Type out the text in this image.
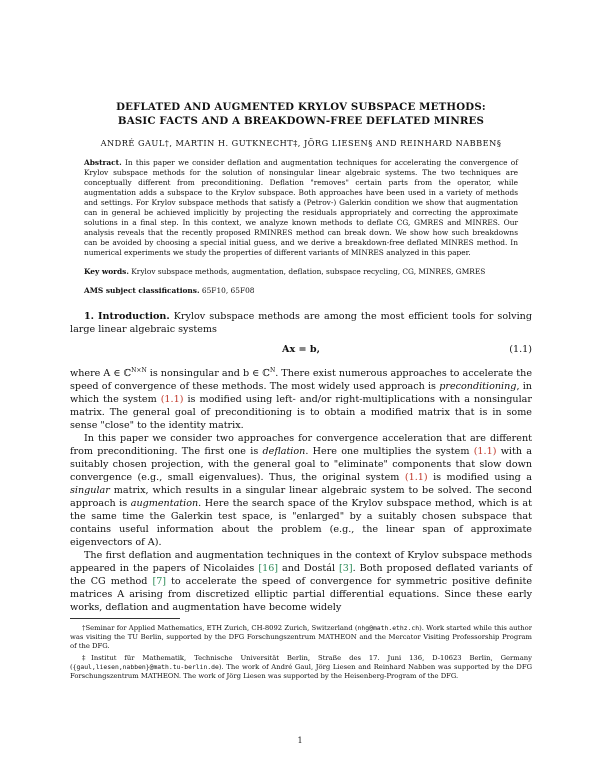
DEFLATED AND AUGMENTED KRYLOV SUBSPACE METHODS:
BASIC FACTS AND A BREAKDOWN-FREE DEFLATED MINRES

ANDRÉ GAUL†, MARTIN H. GUTKNECHT‡, JÖRG LIESEN§ AND REINHARD NABBEN§
Abstract. In this paper we consider deflation and augmentation techniques for accelerating the convergence of Krylov subspace methods for the solution of nonsingular linear algebraic systems. The two techniques are conceptually different from preconditioning. Deflation "removes" certain parts from the operator, while augmentation adds a subspace to the Krylov subspace. Both approaches have been used in a variety of methods and settings. For Krylov subspace methods that satisfy a (Petrov-) Galerkin condition we show that augmentation can in general be achieved implicitly by projecting the residuals appropriately and correcting the approximate solutions in a final step. In this context, we analyze known methods to deflate CG, GMRES and MINRES. Our analysis reveals that the recently proposed RMINRES method can break down. We show how such breakdowns can be avoided by choosing a special initial guess, and we derive a breakdown-free deflated MINRES method. In numerical experiments we study the properties of different variants of MINRES analyzed in this paper.
Key words. Krylov subspace methods, augmentation, deflation, subspace recycling, CG, MINRES, GMRES
AMS subject classifications. 65F10, 65F08

1. Introduction. Krylov subspace methods are among the most efficient tools for solving large linear algebraic systems

Ax = b,	(1.1)

where A ∈ ℂ$^{N\times N}$ is nonsingular and b ∈ ℂ$^N$. There exist numerous approaches to accelerate the speed of convergence of these methods. The most widely used approach is preconditioning, in which the system (1.1) is modified using left- and/or right-multiplications with a nonsingular matrix. The general goal of preconditioning is to obtain a modified matrix that is in some sense "close" to the identity matrix.

In this paper we consider two approaches for convergence acceleration that are different from preconditioning. The first one is deflation. Here one multiplies the system (1.1) with a suitably chosen projection, with the general goal to "eliminate" components that slow down convergence (e.g., small eigenvalues). Thus, the original system (1.1) is modified using a singular matrix, which results in a singular linear algebraic system to be solved. The second approach is augmentation. Here the search space of the Krylov subspace method, which is at the same time the Galerkin test space, is "enlarged" by a suitably chosen subspace that contains useful information about the problem (e.g., the linear span of approximate eigenvectors of A).

The first deflation and augmentation techniques in the context of Krylov subspace methods appeared in the papers of Nicolaides [16] and Dostál [3]. Both proposed deflated variants of the CG method [7] to accelerate the speed of convergence for symmetric positive definite matrices A arising from discretized elliptic partial differential equations. Since these early works, deflation and augmentation have become widely

†Seminar for Applied Mathematics, ETH Zurich, CH-8092 Zurich, Switzerland (nhg@math.ethz.ch). Work started while this author was visiting the TU Berlin, supported by the DFG Forschungszentrum MATHEON and the Mercator Visiting Professorship Program of the DFG.

‡Institut für Mathematik, Technische Universität Berlin, Straße des 17. Juni 136, D-10623 Berlin, Germany ({gaul,liesen,nabben}@math.tu-berlin.de). The work of André Gaul, Jörg Liesen and Reinhard Nabben was supported by the DFG Forschungszentrum MATHEON. The work of Jörg Liesen was supported by the Heisenberg-Program of the DFG.

1
